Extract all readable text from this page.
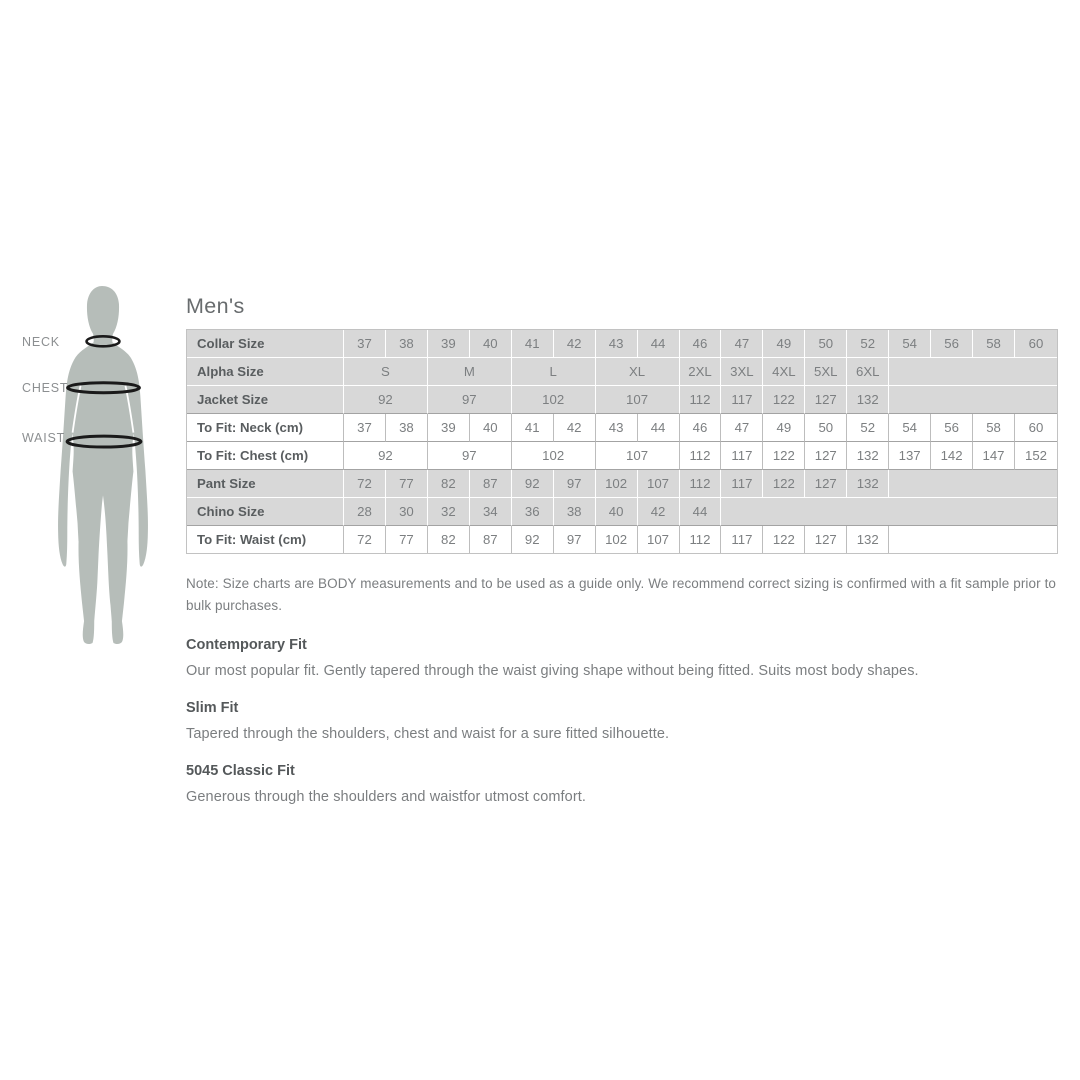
NECK
CHEST
WAIST
Men's
Collar Size	37	38	39	40	41	42	43	44	46	47	49	50	52	54	56	58	60
Alpha Size	S		M		L		XL		2XL	3XL	4XL	5XL	6XL				
Jacket Size	92		97		102		107		112	117	122	127	132				
To Fit: Neck (cm)	37	38	39	40	41	42	43	44	46	47	49	50	52	54	56	58	60
To Fit: Chest (cm)	92		97		102		107		112	117	122	127	132	137	142	147	152
Pant Size	72	77	82	87	92	97	102	107	112	117	122	127	132				
Chino Size	28	30	32	34	36	38	40	42	44								
To Fit: Waist (cm)	72	77	82	87	92	97	102	107	112	117	122	127	132				

Note: Size charts are BODY measurements and to be used as a guide only. We recommend correct sizing is confirmed with a fit sample prior to bulk purchases.

Contemporary Fit

Our most popular fit. Gently tapered through the waist giving shape without being fitted. Suits most body shapes.

Slim Fit

Tapered through the shoulders, chest and waist for a sure fitted silhouette.

5045 Classic Fit

Generous through the shoulders and waistfor utmost comfort.
